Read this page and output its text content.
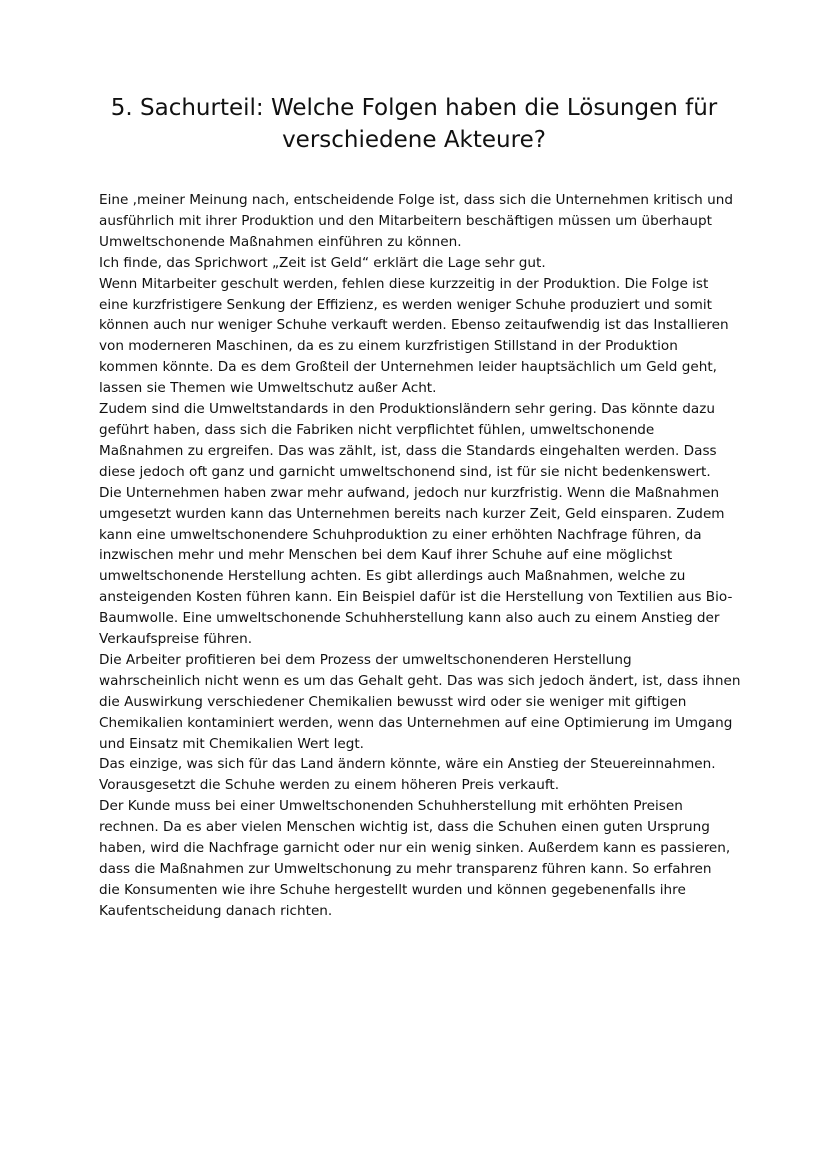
5. Sachurteil: Welche Folgen haben die Lösungen für
verschiedene Akteure?
Eine ,meiner Meinung nach, entscheidende Folge ist, dass sich die Unternehmen kritisch und
ausführlich mit ihrer Produktion und den Mitarbeitern beschäftigen müssen um überhaupt
Umweltschonende Maßnahmen einführen zu können.
Ich finde, das Sprichwort „Zeit ist Geld“ erklärt die Lage sehr gut.
Wenn Mitarbeiter geschult werden, fehlen diese kurzzeitig in der Produktion. Die Folge ist
eine kurzfristigere Senkung der Effizienz, es werden weniger Schuhe produziert und somit
können auch nur weniger Schuhe verkauft werden. Ebenso zeitaufwendig ist das Installieren
von moderneren Maschinen, da es zu einem kurzfristigen Stillstand in der Produktion
kommen könnte. Da es dem Großteil der Unternehmen leider hauptsächlich um Geld geht,
lassen sie Themen wie Umweltschutz außer Acht.
Zudem sind die Umweltstandards in den Produktionsländern sehr gering. Das könnte dazu
geführt haben, dass sich die Fabriken nicht verpflichtet fühlen, umweltschonende
Maßnahmen zu ergreifen. Das was zählt, ist, dass die Standards eingehalten werden. Dass
diese jedoch oft ganz und garnicht umweltschonend sind, ist für sie nicht bedenkenswert.
Die Unternehmen haben zwar mehr aufwand, jedoch nur kurzfristig. Wenn die Maßnahmen
umgesetzt wurden kann das Unternehmen bereits nach kurzer Zeit, Geld einsparen. Zudem
kann eine umweltschonendere Schuhproduktion zu einer erhöhten Nachfrage führen, da
inzwischen mehr und mehr Menschen bei dem Kauf ihrer Schuhe auf eine möglichst
umweltschonende Herstellung achten. Es gibt allerdings auch Maßnahmen, welche zu
ansteigenden Kosten führen kann. Ein Beispiel dafür ist die Herstellung von Textilien aus Bio-
Baumwolle. Eine umweltschonende Schuhherstellung kann also auch zu einem Anstieg der
Verkaufspreise führen.
Die Arbeiter profitieren bei dem Prozess der umweltschonenderen Herstellung
wahrscheinlich nicht wenn es um das Gehalt geht. Das was sich jedoch ändert, ist, dass ihnen
die Auswirkung verschiedener Chemikalien bewusst wird oder sie weniger mit giftigen
Chemikalien kontaminiert werden, wenn das Unternehmen auf eine Optimierung im Umgang
und Einsatz mit Chemikalien Wert legt.
Das einzige, was sich für das Land ändern könnte, wäre ein Anstieg der Steuereinnahmen.
Vorausgesetzt die Schuhe werden zu einem höheren Preis verkauft.
Der Kunde muss bei einer Umweltschonenden Schuhherstellung mit erhöhten Preisen
rechnen. Da es aber vielen Menschen wichtig ist, dass die Schuhen einen guten Ursprung
haben, wird die Nachfrage garnicht oder nur ein wenig sinken. Außerdem kann es passieren,
dass die Maßnahmen zur Umweltschonung zu mehr transparenz führen kann. So erfahren
die Konsumenten wie ihre Schuhe hergestellt wurden und können gegebenenfalls ihre
Kaufentscheidung danach richten.
